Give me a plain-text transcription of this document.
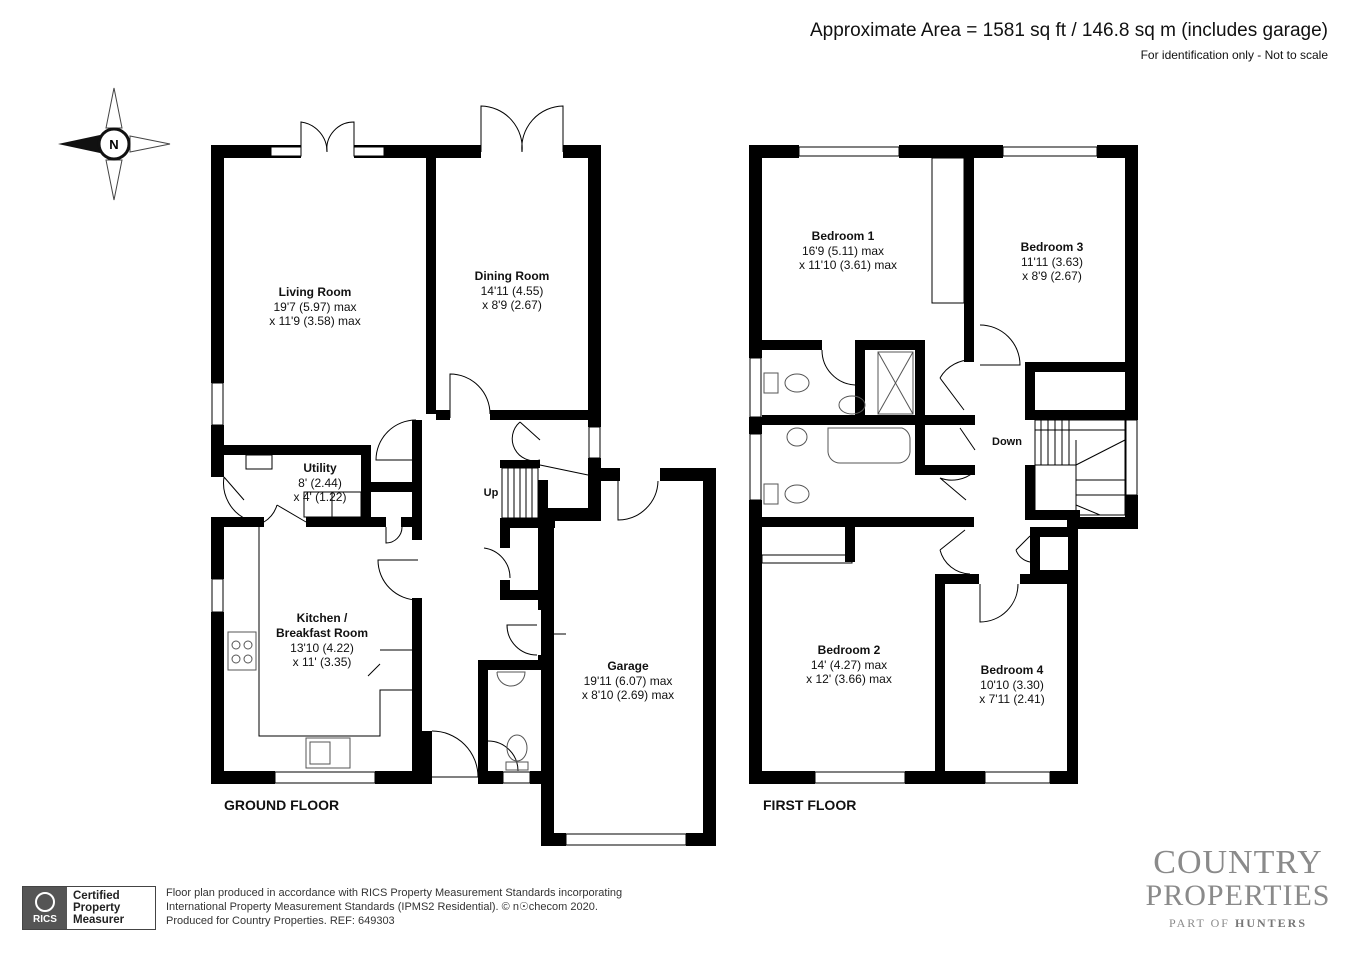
Approximate Area = 1581 sq ft / 146.8 sq m (includes garage)
For identification only - Not to scale
N
Living Room
19'7 (5.97) max
x 11'9 (3.58) max
Dining Room
14'11 (4.55)
x 8'9 (2.67)
Utility
8' (2.44)
x 4' (1.22)
Kitchen /
Breakfast Room
13'10 (4.22)
x 11' (3.35)	Garage
19'11 (6.07) max
x 8'10 (2.69) max
Up
Bedroom 1
16'9 (5.11) max
x 11'10 (3.61) max
Bedroom 3
11'11 (3.63)
x 8'9 (2.67)
Bedroom 2
14' (4.27) max
x 12' (3.66) max
Bedroom 4
10'10 (3.30)
x 7'11 (2.41)
Down
GROUND FLOOR	FIRST FLOOR
RICS
Certified
Property
Measurer
Floor plan produced in accordance with RICS Property Measurement Standards incorporating
International Property Measurement Standards (IPMS2 Residential). © n☉checom 2020.
Produced for Country Properties. REF: 649303
COUNTRY
PROPERTIES
PART OF HUNTERS
